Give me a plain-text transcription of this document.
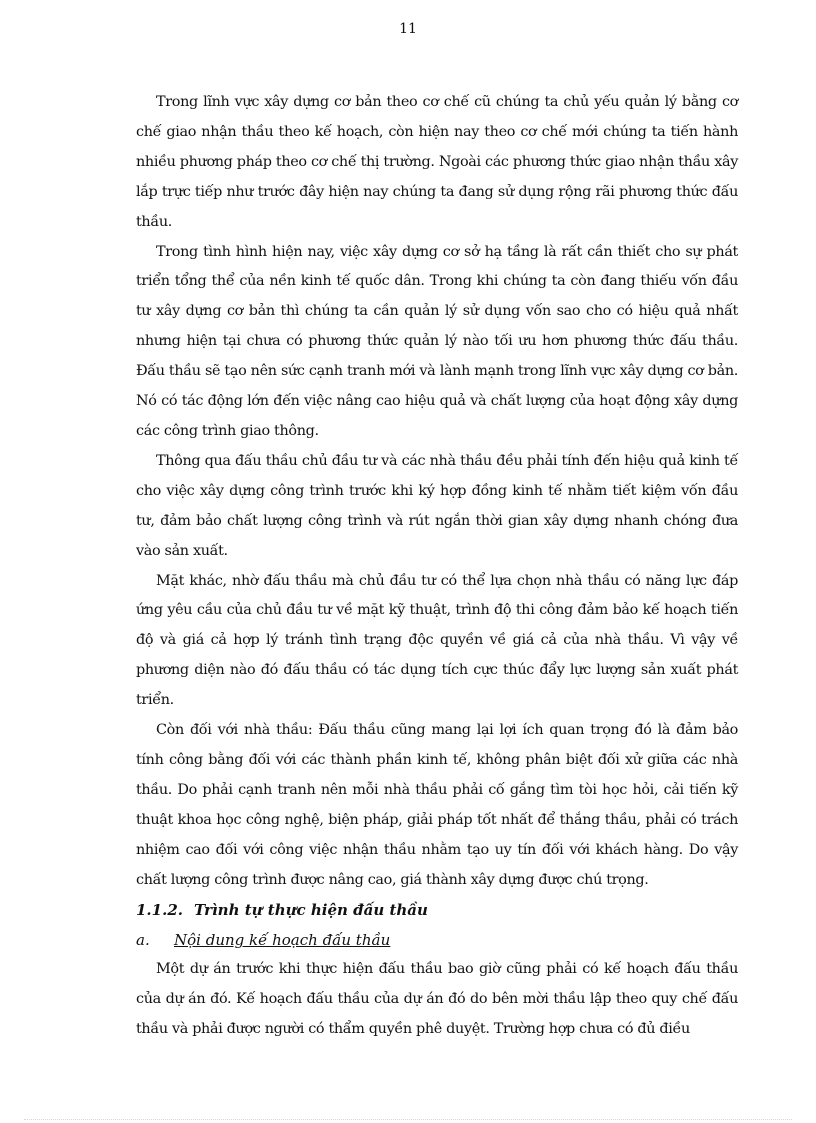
11

Trong lĩnh vực xây dựng cơ bản theo cơ chế cũ chúng ta chủ yếu quản lý bằng cơ chế giao nhận thầu theo kế hoạch, còn hiện nay theo cơ chế mới chúng ta tiến hành nhiều phương pháp theo cơ chế thị trường. Ngoài các phương thức giao nhận thầu xây lắp trực tiếp như trước đây hiện nay chúng ta đang sử dụng rộng rãi phương thức đấu thầu.

Trong tình hình hiện nay, việc xây dựng cơ sở hạ tầng là rất cần thiết cho sự phát triển tổng thể của nền kinh tế quốc dân. Trong khi chúng ta còn đang thiếu vốn đầu tư xây dựng cơ bản thì chúng ta cần quản lý sử dụng vốn sao cho có hiệu quả nhất nhưng hiện tại chưa có phương thức quản lý nào tối ưu hơn phương thức đấu thầu. Đấu thầu sẽ tạo nên sức cạnh tranh mới và lành mạnh trong lĩnh vực xây dựng cơ bản. Nó có tác động lớn đến việc nâng cao hiệu quả và chất lượng của hoạt động xây dựng các công trình giao thông.

Thông qua đấu thầu chủ đầu tư và các nhà thầu đều phải tính đến hiệu quả kinh tế cho việc xây dựng công trình trước khi ký hợp đồng kinh tế nhằm tiết kiệm vốn đầu tư, đảm bảo chất lượng công trình và rút ngắn thời gian xây dựng nhanh chóng đưa vào sản xuất.

Mặt khác, nhờ đấu thầu mà chủ đầu tư có thể lựa chọn nhà thầu có năng lực đáp ứng yêu cầu của chủ đầu tư về mặt kỹ thuật, trình độ thi công đảm bảo kế hoạch tiến độ và giá cả hợp lý tránh tình trạng độc quyền về giá cả của nhà thầu. Vì vậy về phương diện nào đó đấu thầu có tác dụng tích cực thúc đẩy lực lượng sản xuất phát triển.

Còn đối với nhà thầu: Đấu thầu cũng mang lại lợi ích quan trọng đó là đảm bảo tính công bằng đối với các thành phần kinh tế, không phân biệt đối xử giữa các nhà thầu. Do phải cạnh tranh nên mỗi nhà thầu phải cố gắng tìm tòi học hỏi, cải tiến kỹ thuật khoa học công nghệ, biện pháp, giải pháp tốt nhất để thắng thầu, phải có trách nhiệm cao đối với công việc nhận thầu nhằm tạo uy tín đối với khách hàng. Do vậy chất lượng công trình được nâng cao, giá thành xây dựng được chú trọng.

1.1.2. Trình tự thực hiện đấu thầu
a.	Nội dung kế hoạch đấu thầu

Một dự án trước khi thực hiện đấu thầu bao giờ cũng phải có kế hoạch đấu thầu của dự án đó. Kế hoạch đấu thầu của dự án đó do bên mời thầu lập theo quy chế đấu thầu và phải được người có thẩm quyền phê duyệt. Trường hợp chưa có đủ điều
